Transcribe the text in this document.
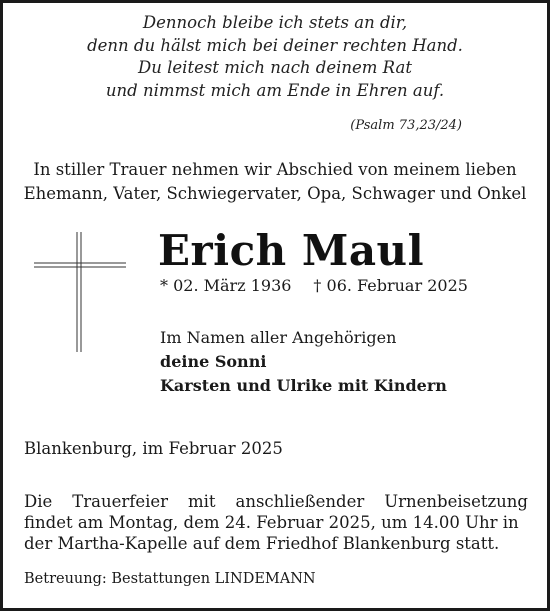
Dennoch bleibe ich stets an dir,
denn du hälst mich bei deiner rechten Hand.
Du leitest mich nach deinem Rat
und nimmst mich am Ende in Ehren auf.
(Psalm 73,23/24)
In stiller Trauer nehmen wir Abschied von meinem lieben
Ehemann, Vater, Schwiegervater, Opa, Schwager und Onkel
Erich Maul
* 02. März 1936 † 06. Februar 2025
Im Namen aller Angehörigen
deine Sonni
Karsten und Ulrike mit Kindern
Blankenburg, im Februar 2025
Die Trauerfeier mit anschließender Urnenbeisetzung
findet am Montag, dem 24. Februar 2025, um 14.00 Uhr in
der Martha-Kapelle auf dem Friedhof Blankenburg statt.
Betreuung: Bestattungen LINDEMANN
